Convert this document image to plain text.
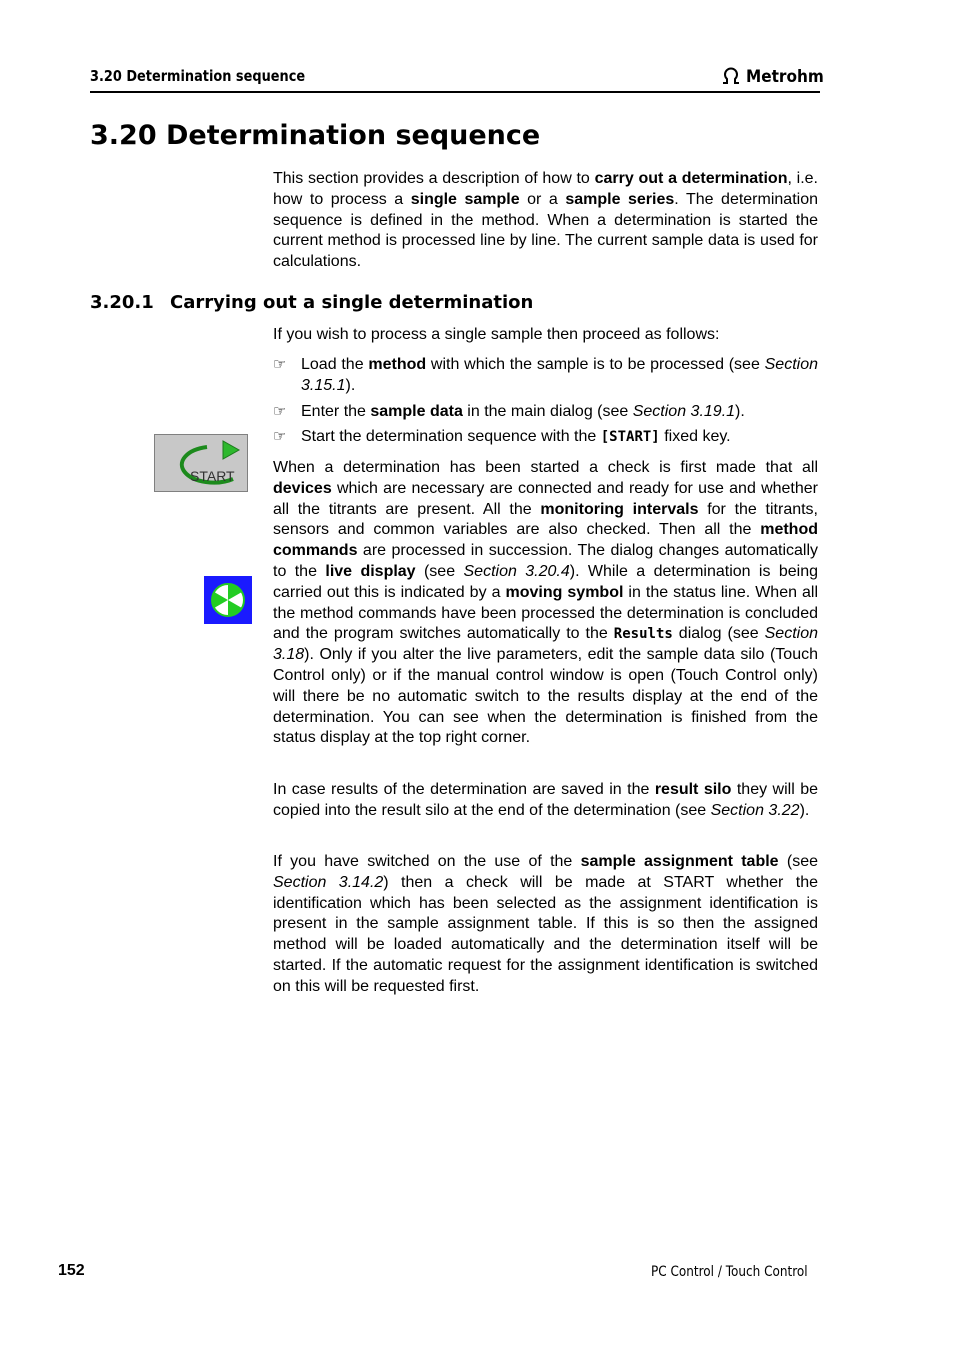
3.20 Determination sequence	Metrohm
3.20 Determination sequence
This section provides a description of how to carry out a determination, i.e. how to process a single sample or a sample series. The determination sequence is defined in the method. When a determination is started the current method is processed line by line. The current sample data is used for calculations.
3.20.1 Carrying out a single determination
If you wish to process a single sample then proceed as follows:
☞ Load the method with which the sample is to be processed (see Section 3.15.1).
☞ Enter the sample data in the main dialog (see Section 3.19.1).
☞ Start the determination sequence with the [START] fixed key.
START When a determination has been started a check is first made that all devices which are necessary are connected and ready for use and whether all the titrants are present. All the monitoring intervals for the titrants, sensors and common variables are also checked. Then all the method commands are processed in succession. The dialog changes automatically to the live display (see Section 3.20.4). While a determination is being carried out this is indicated by a moving symbol in the status line. When all the method commands have been processed the determination is concluded and the program switches automatically to the Results dialog (see Section 3.18). Only if you alter the live parameters, edit the sample data silo (Touch Control only) or if the manual control window is open (Touch Control only) will there be no automatic switch to the results display at the end of the determination. You can see when the determination is finished from the status display at the top right corner.
In case results of the determination are saved in the result silo they will be copied into the result silo at the end of the determination (see Section 3.22).
If you have switched on the use of the sample assignment table (see Section 3.14.2) then a check will be made at START whether the identification which has been selected as the assignment identification is present in the sample assignment table. If this is so then the assigned method will be loaded automatically and the determination itself will be started. If the automatic request for the assignment identification is switched on this will be requested first.
152	PC Control / Touch Control
